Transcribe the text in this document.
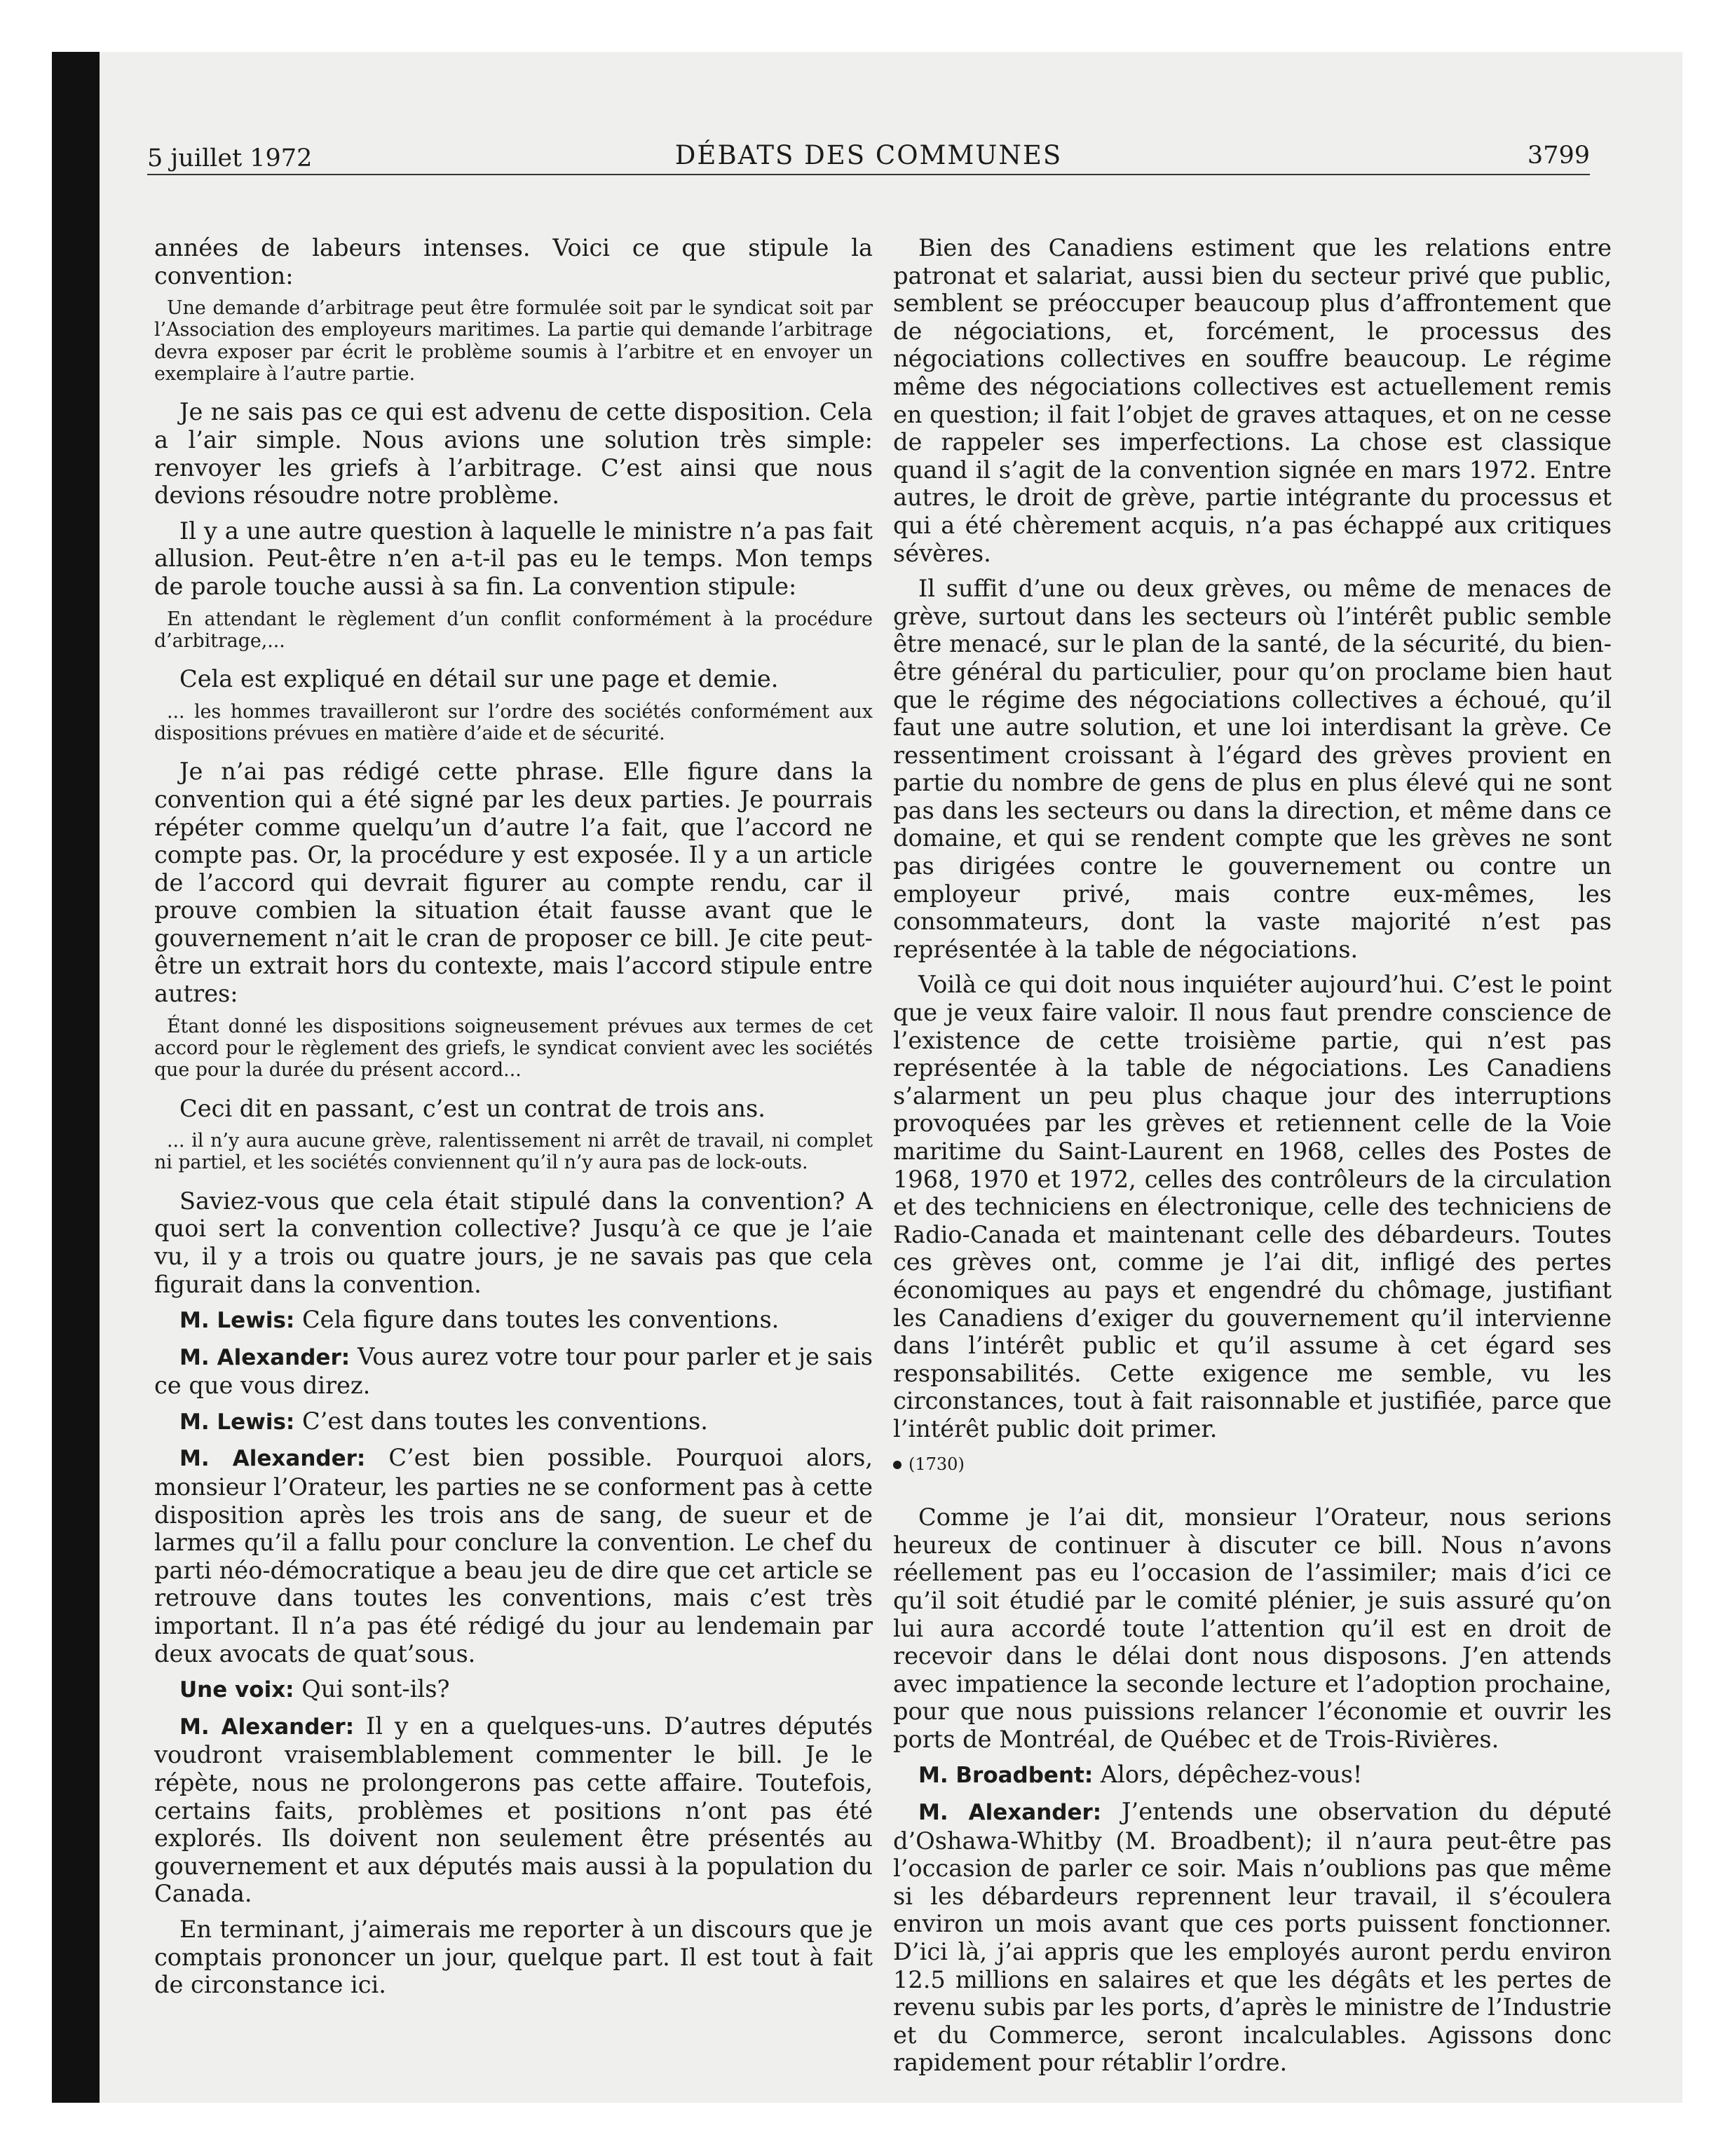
5 juillet 1972	DÉBATS DES COMMUNES	3799

années de labeurs intenses. Voici ce que stipule la convention:

Une demande d’arbitrage peut être formulée soit par le syndicat soit par l’Association des employeurs maritimes. La partie qui demande l’arbitrage devra exposer par écrit le problème soumis à l’arbitre et en envoyer un exemplaire à l’autre partie.

Je ne sais pas ce qui est advenu de cette disposition. Cela a l’air simple. Nous avions une solution très simple: renvoyer les griefs à l’arbitrage. C’est ainsi que nous devions résoudre notre problème.

Il y a une autre question à laquelle le ministre n’a pas fait allusion. Peut-être n’en a-t-il pas eu le temps. Mon temps de parole touche aussi à sa fin. La convention stipule:

En attendant le règlement d’un conflit conformément à la procédure d’arbitrage,...

Cela est expliqué en détail sur une page et demie.

... les hommes travailleront sur l’ordre des sociétés conformément aux dispositions prévues en matière d’aide et de sécurité.

Je n’ai pas rédigé cette phrase. Elle figure dans la convention qui a été signé par les deux parties. Je pourrais répéter comme quelqu’un d’autre l’a fait, que l’accord ne compte pas. Or, la procédure y est exposée. Il y a un article de l’accord qui devrait figurer au compte rendu, car il prouve combien la situation était fausse avant que le gouvernement n’ait le cran de proposer ce bill. Je cite peut-être un extrait hors du contexte, mais l’accord stipule entre autres:

Étant donné les dispositions soigneusement prévues aux termes de cet accord pour le règlement des griefs, le syndicat convient avec les sociétés que pour la durée du présent accord...

Ceci dit en passant, c’est un contrat de trois ans.

... il n’y aura aucune grève, ralentissement ni arrêt de travail, ni complet ni partiel, et les sociétés conviennent qu’il n’y aura pas de lock-outs.

Saviez-vous que cela était stipulé dans la convention? A quoi sert la convention collective? Jusqu’à ce que je l’aie vu, il y a trois ou quatre jours, je ne savais pas que cela figurait dans la convention.

M. Lewis: Cela figure dans toutes les conventions.

M. Alexander: Vous aurez votre tour pour parler et je sais ce que vous direz.

M. Lewis: C’est dans toutes les conventions.

M. Alexander: C’est bien possible. Pourquoi alors, monsieur l’Orateur, les parties ne se conforment pas à cette disposition après les trois ans de sang, de sueur et de larmes qu’il a fallu pour conclure la convention. Le chef du parti néo-démocratique a beau jeu de dire que cet article se retrouve dans toutes les conventions, mais c’est très important. Il n’a pas été rédigé du jour au lendemain par deux avocats de quat’sous.

Une voix: Qui sont-ils?

M. Alexander: Il y en a quelques-uns. D’autres députés voudront vraisemblablement commenter le bill. Je le répète, nous ne prolongerons pas cette affaire. Toutefois, certains faits, problèmes et positions n’ont pas été explorés. Ils doivent non seulement être présentés au gouvernement et aux députés mais aussi à la population du Canada.

En terminant, j’aimerais me reporter à un discours que je comptais prononcer un jour, quelque part. Il est tout à fait de circonstance ici.

Bien des Canadiens estiment que les relations entre patronat et salariat, aussi bien du secteur privé que public, semblent se préoccuper beaucoup plus d’affrontement que de négociations, et, forcément, le processus des négociations collectives en souffre beaucoup. Le régime même des négociations collectives est actuellement remis en question; il fait l’objet de graves attaques, et on ne cesse de rappeler ses imperfections. La chose est classique quand il s’agit de la convention signée en mars 1972. Entre autres, le droit de grève, partie intégrante du processus et qui a été chèrement acquis, n’a pas échappé aux critiques sévères.

Il suffit d’une ou deux grèves, ou même de menaces de grève, surtout dans les secteurs où l’intérêt public semble être menacé, sur le plan de la santé, de la sécurité, du bien-être général du particulier, pour qu’on proclame bien haut que le régime des négociations collectives a échoué, qu’il faut une autre solution, et une loi interdisant la grève. Ce ressentiment croissant à l’égard des grèves provient en partie du nombre de gens de plus en plus élevé qui ne sont pas dans les secteurs ou dans la direction, et même dans ce domaine, et qui se rendent compte que les grèves ne sont pas dirigées contre le gouvernement ou contre un employeur privé, mais contre eux-mêmes, les consommateurs, dont la vaste majorité n’est pas représentée à la table de négociations.

Voilà ce qui doit nous inquiéter aujourd’hui. C’est le point que je veux faire valoir. Il nous faut prendre conscience de l’existence de cette troisième partie, qui n’est pas représentée à la table de négociations. Les Canadiens s’alarment un peu plus chaque jour des interruptions provoquées par les grèves et retiennent celle de la Voie maritime du Saint-Laurent en 1968, celles des Postes de 1968, 1970 et 1972, celles des contrôleurs de la circulation et des techniciens en électronique, celle des techniciens de Radio-Canada et maintenant celle des débardeurs. Toutes ces grèves ont, comme je l’ai dit, infligé des pertes économiques au pays et engendré du chômage, justifiant les Canadiens d’exiger du gouvernement qu’il intervienne dans l’intérêt public et qu’il assume à cet égard ses responsabilités. Cette exigence me semble, vu les circonstances, tout à fait raisonnable et justifiée, parce que l’intérêt public doit primer.

(1730)

Comme je l’ai dit, monsieur l’Orateur, nous serions heureux de continuer à discuter ce bill. Nous n’avons réellement pas eu l’occasion de l’assimiler; mais d’ici ce qu’il soit étudié par le comité plénier, je suis assuré qu’on lui aura accordé toute l’attention qu’il est en droit de recevoir dans le délai dont nous disposons. J’en attends avec impatience la seconde lecture et l’adoption prochaine, pour que nous puissions relancer l’économie et ouvrir les ports de Montréal, de Québec et de Trois-Rivières.

M. Broadbent: Alors, dépêchez-vous!

M. Alexander: J’entends une observation du député d’Oshawa-Whitby (M. Broadbent); il n’aura peut-être pas l’occasion de parler ce soir. Mais n’oublions pas que même si les débardeurs reprennent leur travail, il s’écoulera environ un mois avant que ces ports puissent fonctionner. D’ici là, j’ai appris que les employés auront perdu environ 12.5 millions en salaires et que les dégâts et les pertes de revenu subis par les ports, d’après le ministre de l’Industrie et du Commerce, seront incalculables. Agissons donc rapidement pour rétablir l’ordre.
